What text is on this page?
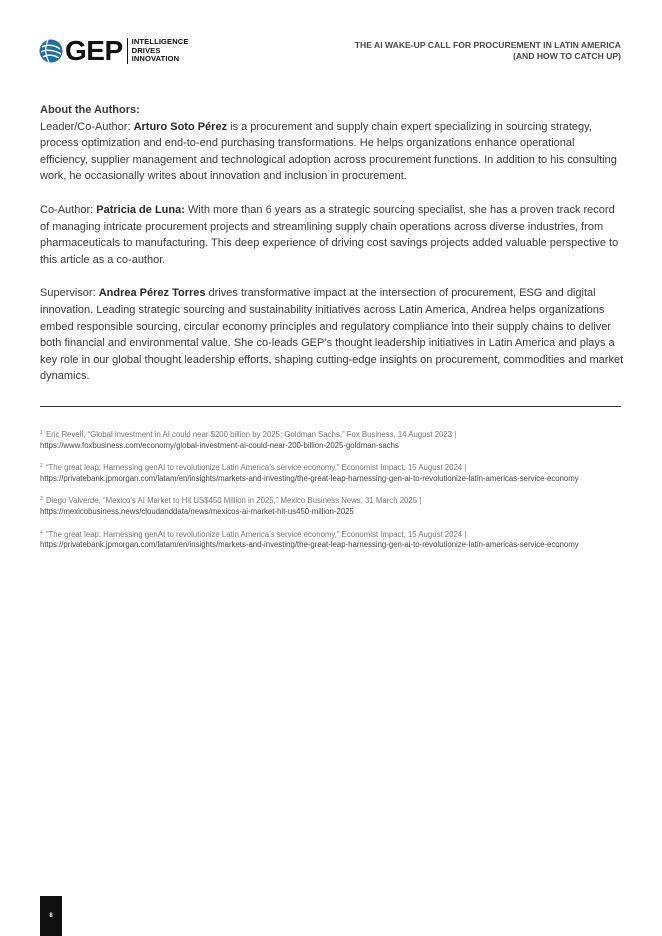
GEP INTELLIGENCE
DRIVES
INNOVATION
THE AI WAKE-UP CALL FOR PROCUREMENT IN LATIN AMERICA
(AND HOW TO CATCH UP)

About the Authors:

Leader/Co-Author: Arturo Soto Pérez is a procurement and supply chain expert specializing in sourcing strategy, process optimization and end-to-end purchasing transformations. He helps organizations enhance operational efficiency, supplier management and technological adoption across procurement functions. In addition to his consulting work, he occasionally writes about innovation and inclusion in procurement.

Co-Author: Patricia de Luna: With more than 6 years as a strategic sourcing specialist, she has a proven track record of managing intricate procurement projects and streamlining supply chain operations across diverse industries, from pharmaceuticals to manufacturing. This deep experience of driving cost savings projects added valuable perspective to this article as a co-author.

Supervisor: Andrea Pérez Torres drives transformative impact at the intersection of procurement, ESG and digital innovation. Leading strategic sourcing and sustainability initiatives across Latin America, Andrea helps organizations embed responsible sourcing, circular economy principles and regulatory compliance into their supply chains to deliver both financial and environmental value. She co-leads GEP’s thought leadership initiatives in Latin America and plays a key role in our global thought leadership efforts, shaping cutting-edge insights on procurement, commodities and market dynamics.

$^1$ Eric Revell, “Global investment in AI could near $200 billion by 2025: Goldman Sachs,” Fox Business, 14 August 2023 |
https://www.foxbusiness.com/economy/global-investment-ai-could-near-200-billion-2025-goldman-sachs

$^2$ “The great leap: Harnessing genAI to revolutionize Latin America’s service economy,” Economist Impact, 15 August 2024 |
https://privatebank.jpmorgan.com/latam/en/insights/markets-and-investing/the-great-leap-harnessing-gen-ai-to-revolutionize-latin-americas-service-economy

$^3$ Diego Valverde, “Mexico’s AI Market to Hit US$450 Million in 2025,” Mexico Business News, 31 March 2025 |
https://mexicobusiness.news/cloudanddata/news/mexicos-ai-market-hit-us450-million-2025

$^4$ “The great leap: Harnessing genAI to revolutionize Latin America’s service economy,” Economist Impact, 15 August 2024 |
https://privatebank.jpmorgan.com/latam/en/insights/markets-and-investing/the-great-leap-harnessing-gen-ai-to-revolutionize-latin-americas-service-economy

8
